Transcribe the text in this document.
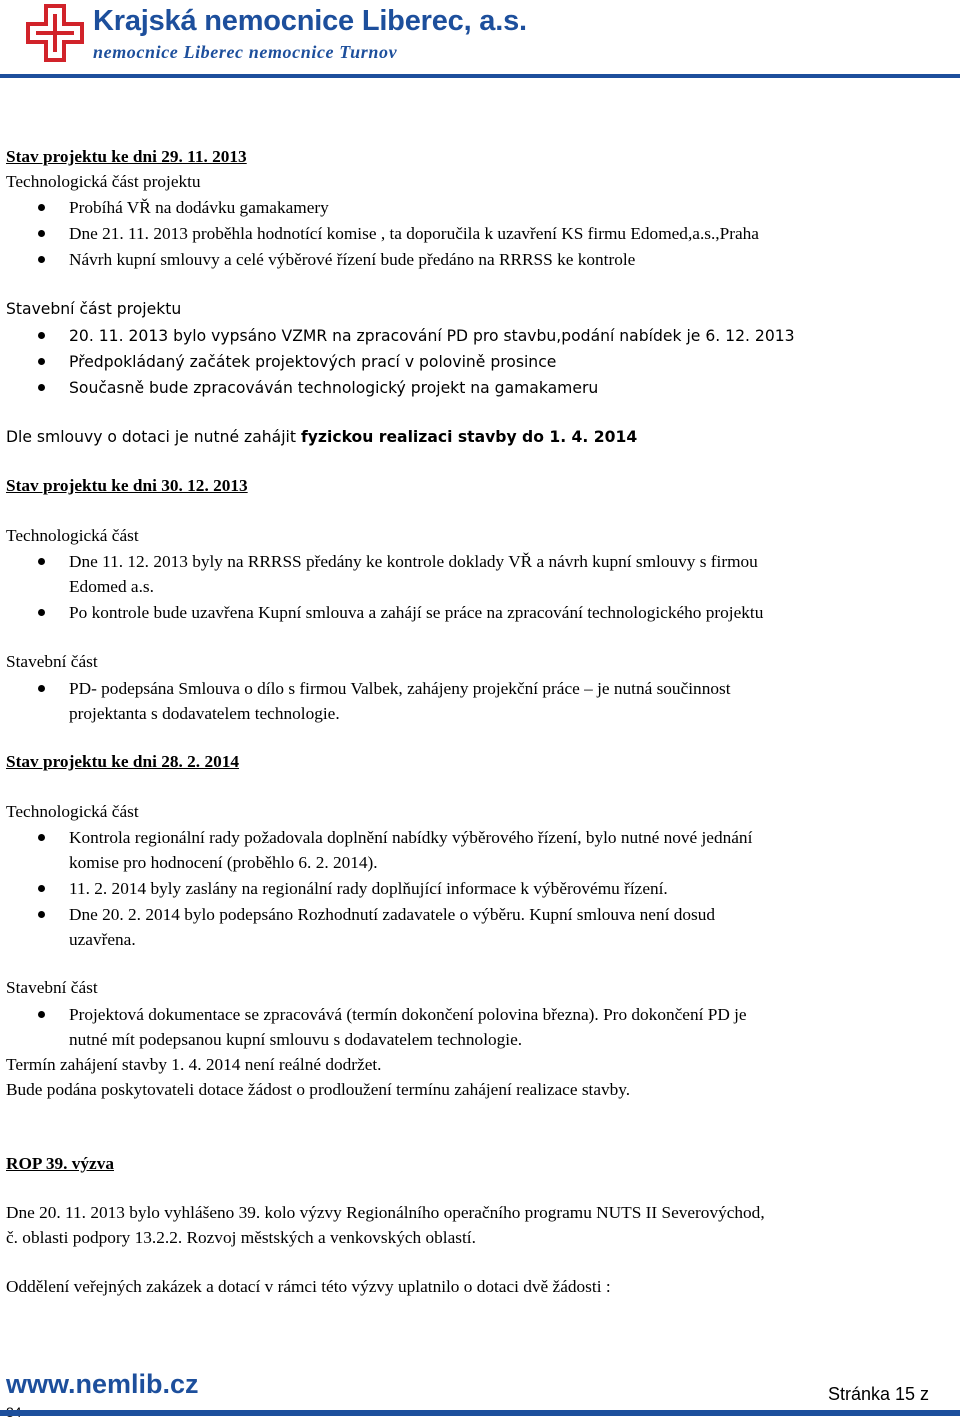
Krajská nemocnice Liberec, a.s.
nemocnice Liberec nemocnice Turnov
Stav projektu ke dni 29. 11. 2013
Technologická část projektu
Probíhá VŘ na dodávku gamakamery
Dne 21. 11. 2013 proběhla hodnotící komise , ta doporučila k uzavření KS firmu Edomed,a.s.,Praha
Návrh kupní smlouvy a celé výběrové řízení bude předáno na RRRSS ke kontrole
Stavební část projektu
20. 11. 2013 bylo vypsáno VZMR na zpracování PD pro stavbu,podání nabídek je 6. 12. 2013
Předpokládaný začátek projektových prací v polovině prosince
Současně bude zpracováván technologický projekt na gamakameru
Dle smlouvy o dotaci je nutné zahájit fyzickou realizaci stavby do 1. 4. 2014
Stav projektu ke dni 30. 12. 2013
Technologická část
Dne 11. 12. 2013 byly na RRRSS předány ke kontrole doklady VŘ a návrh kupní smlouvy s firmou
Edomed a.s.
Po kontrole bude uzavřena Kupní smlouva a zahájí se práce na zpracování technologického projektu
Stavební část
PD- podepsána Smlouva o dílo s firmou Valbek, zahájeny projekční práce – je nutná součinnost
projektanta s dodavatelem technologie.
Stav projektu ke dni 28. 2. 2014
Technologická část
Kontrola regionální rady požadovala doplnění nabídky výběrového řízení, bylo nutné nové jednání
komise pro hodnocení (proběhlo 6. 2. 2014).
11. 2. 2014 byly zaslány na regionální rady doplňující informace k výběrovému řízení.
Dne 20. 2. 2014 bylo podepsáno Rozhodnutí zadavatele o výběru. Kupní smlouva není dosud
uzavřena.
Stavební část
Projektová dokumentace se zpracovává (termín dokončení polovina března). Pro dokončení PD je
nutné mít podepsanou kupní smlouvu s dodavatelem technologie.
Termín zahájení stavby 1. 4. 2014 není reálné dodržet.
Bude podána poskytovateli dotace žádost o prodloužení termínu zahájení realizace stavby.
ROP 39. výzva
Dne 20. 11. 2013 bylo vyhlášeno 39. kolo výzvy Regionálního operačního programu NUTS II Severovýchod,
č. oblasti podpory 13.2.2. Rozvoj městských a venkovských oblastí.
Oddělení veřejných zakázek a dotací v rámci této výzvy uplatnilo o dotaci dvě žádosti :
www.nemlib.cz	Stránka 15 z
